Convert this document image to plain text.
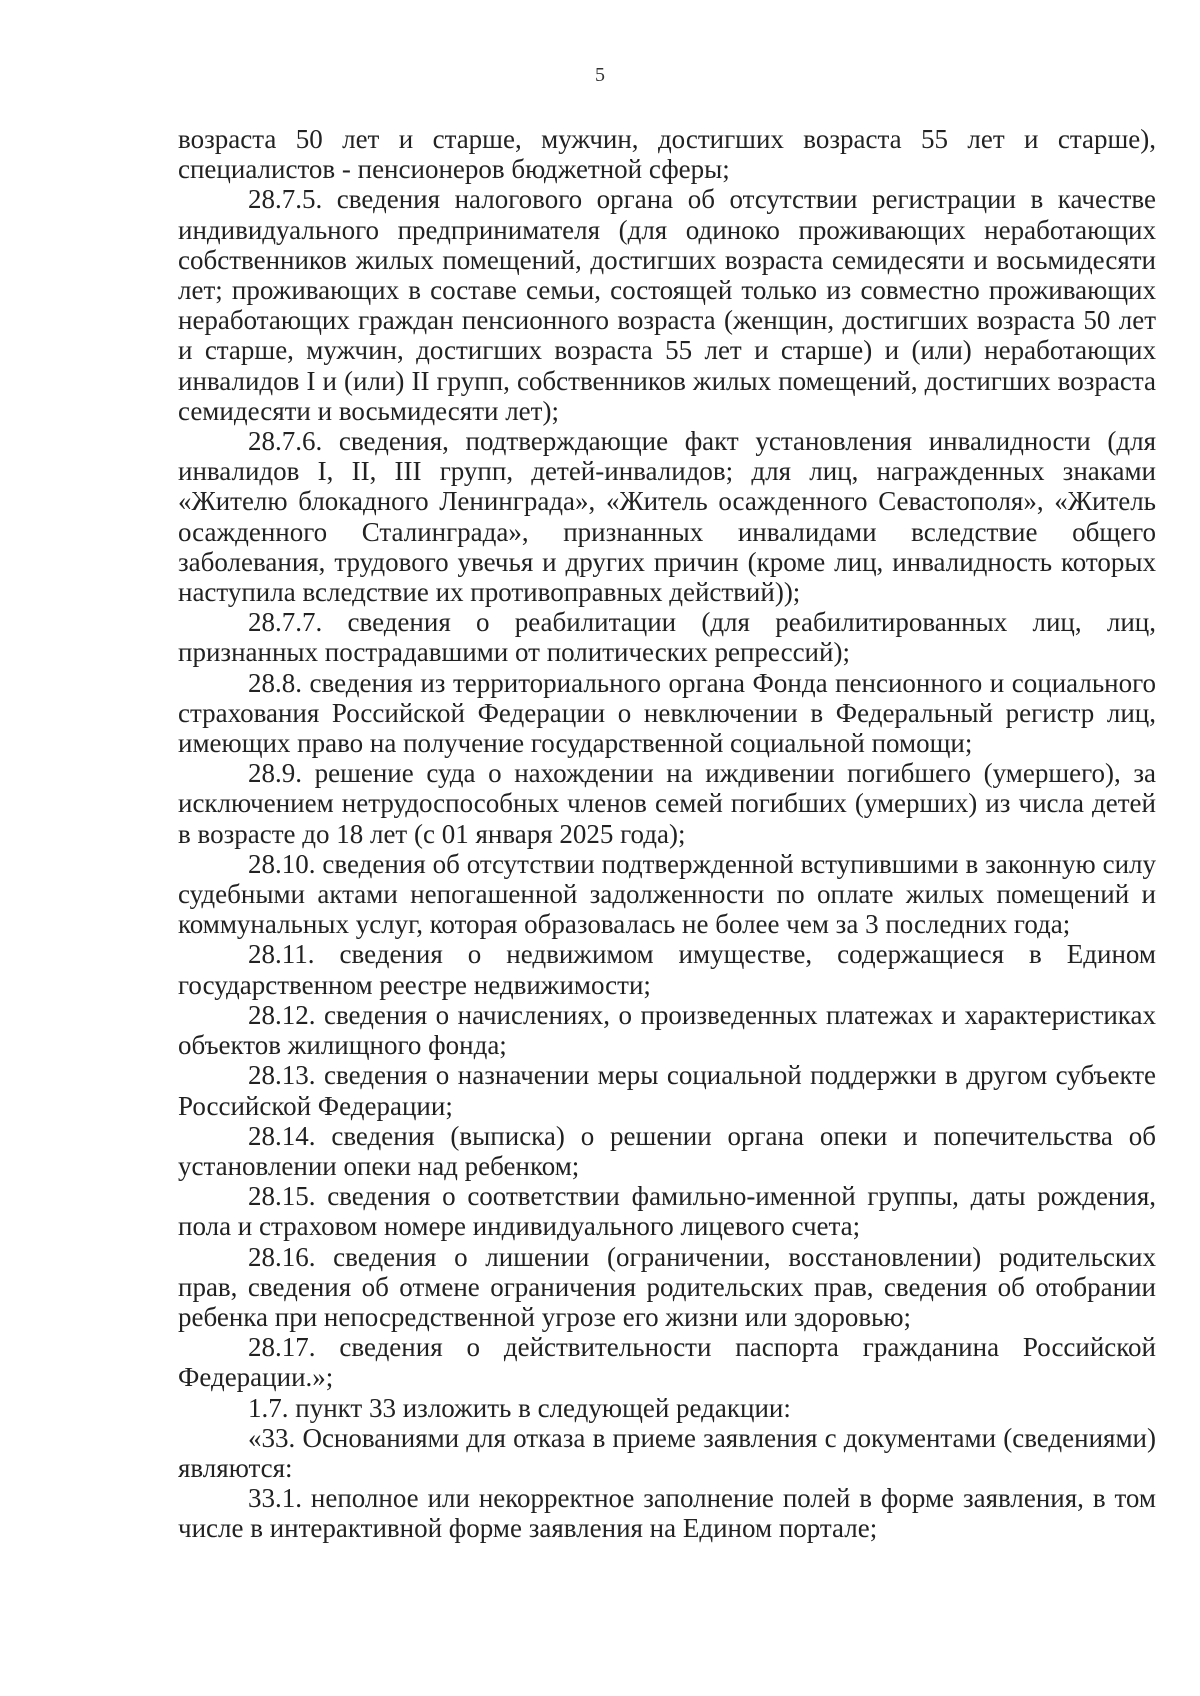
5

возраста 50 лет и старше, мужчин, достигших возраста 55 лет и старше), специалистов - пенсионеров бюджетной сферы;

28.7.5. сведения налогового органа об отсутствии регистрации в качестве индивидуального предпринимателя (для одиноко проживающих неработающих собственников жилых помещений, достигших возраста семидесяти и восьмидесяти лет; проживающих в составе семьи, состоящей только из совместно проживающих неработающих граждан пенсионного возраста (женщин, достигших возраста 50 лет и старше, мужчин, достигших возраста 55 лет и старше) и (или) неработающих инвалидов I и (или) II групп, собственников жилых помещений, достигших возраста семидесяти и восьмидесяти лет);

28.7.6. сведения, подтверждающие факт установления инвалидности (для инвалидов I, II, III групп, детей-инвалидов; для лиц, награжденных знаками «Жителю блокадного Ленинграда», «Житель осажденного Севастополя», «Житель осажденного Сталинграда», признанных инвалидами вследствие общего заболевания, трудового увечья и других причин (кроме лиц, инвалидность которых наступила вследствие их противоправных действий));

28.7.7. сведения о реабилитации (для реабилитированных лиц, лиц, признанных пострадавшими от политических репрессий);

28.8. сведения из территориального органа Фонда пенсионного и социального страхования Российской Федерации о невключении в Федеральный регистр лиц, имеющих право на получение государственной социальной помощи;

28.9. решение суда о нахождении на иждивении погибшего (умершего), за исключением нетрудоспособных членов семей погибших (умерших) из числа детей в возрасте до 18 лет (с 01 января 2025 года);

28.10. сведения об отсутствии подтвержденной вступившими в законную силу судебными актами непогашенной задолженности по оплате жилых помещений и коммунальных услуг, которая образовалась не более чем за 3 последних года;

28.11. сведения о недвижимом имуществе, содержащиеся в Едином государственном реестре недвижимости;

28.12. сведения о начислениях, о произведенных платежах и характеристиках объектов жилищного фонда;

28.13. сведения о назначении меры социальной поддержки в другом субъекте Российской Федерации;

28.14. сведения (выписка) о решении органа опеки и попечительства об установлении опеки над ребенком;

28.15. сведения о соответствии фамильно-именной группы, даты рождения, пола и страховом номере индивидуального лицевого счета;

28.16. сведения о лишении (ограничении, восстановлении) родительских прав, сведения об отмене ограничения родительских прав, сведения об отобрании ребенка при непосредственной угрозе его жизни или здоровью;

28.17. сведения о действительности паспорта гражданина Российской Федерации.»;

1.7. пункт 33 изложить в следующей редакции:

«33. Основаниями для отказа в приеме заявления с документами (сведениями) являются:

33.1. неполное или некорректное заполнение полей в форме заявления, в том числе в интерактивной форме заявления на Едином портале;
